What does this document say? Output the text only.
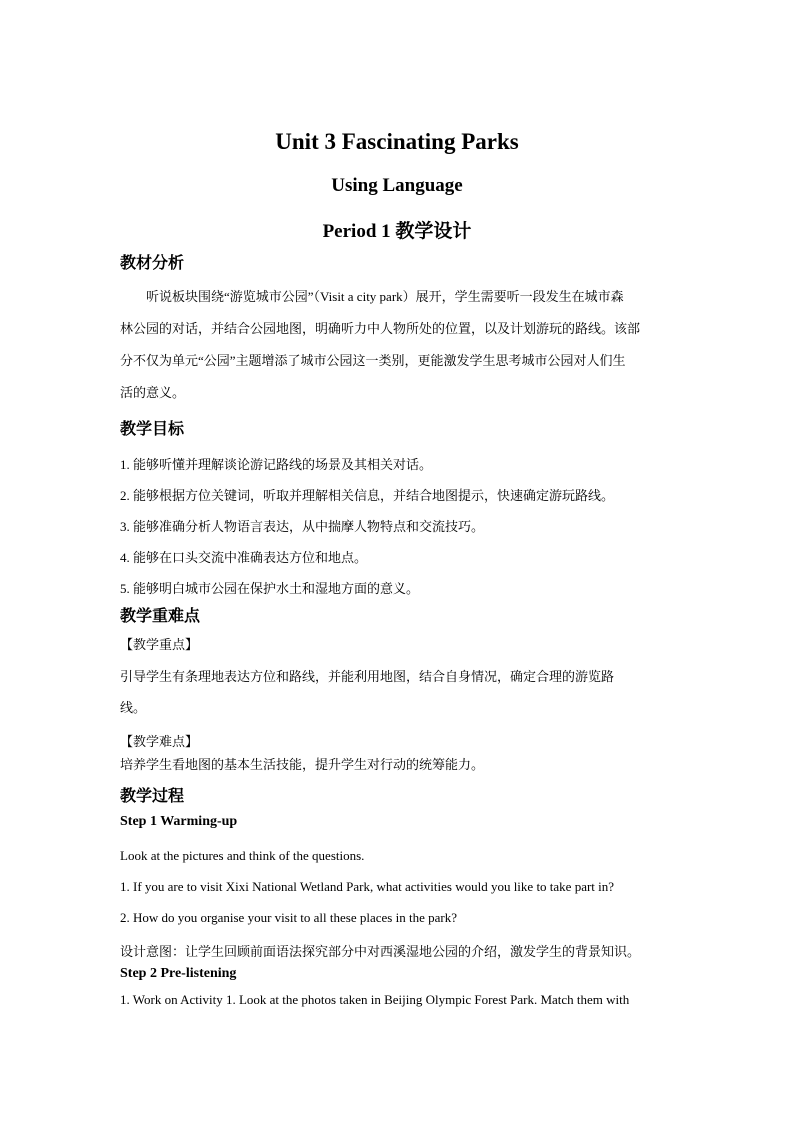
Unit 3 Fascinating Parks
Using Language
Period 1 教学设计
教材分析
听说板块围绕“游览城市公园”（Visit a city park）展开，学生需要听一段发生在城市森
林公园的对话，并结合公园地图，明确听力中人物所处的位置，以及计划游玩的路线。该部
分不仅为单元“公园”主题增添了城市公园这一类别，更能激发学生思考城市公园对人们生
活的意义。
教学目标
1. 能够听懂并理解谈论游记路线的场景及其相关对话。
2. 能够根据方位关键词，听取并理解相关信息，并结合地图提示，快速确定游玩路线。
3. 能够准确分析人物语言表达，从中揣摩人物特点和交流技巧。
4. 能够在口头交流中准确表达方位和地点。
5. 能够明白城市公园在保护水土和湿地方面的意义。
教学重难点
【教学重点】
引导学生有条理地表达方位和路线，并能利用地图，结合自身情况，确定合理的游览路
线。
【教学难点】
培养学生看地图的基本生活技能，提升学生对行动的统筹能力。
教学过程
Step 1 Warming-up
Look at the pictures and think of the questions.
1. If you are to visit Xixi National Wetland Park, what activities would you like to take part in?
2. How do you organise your visit to all these places in the park?
设计意图：让学生回顾前面语法探究部分中对西溪湿地公园的介绍，激发学生的背景知识。
Step 2 Pre-listening
1. Work on Activity 1. Look at the photos taken in Beijing Olympic Forest Park. Match them with
